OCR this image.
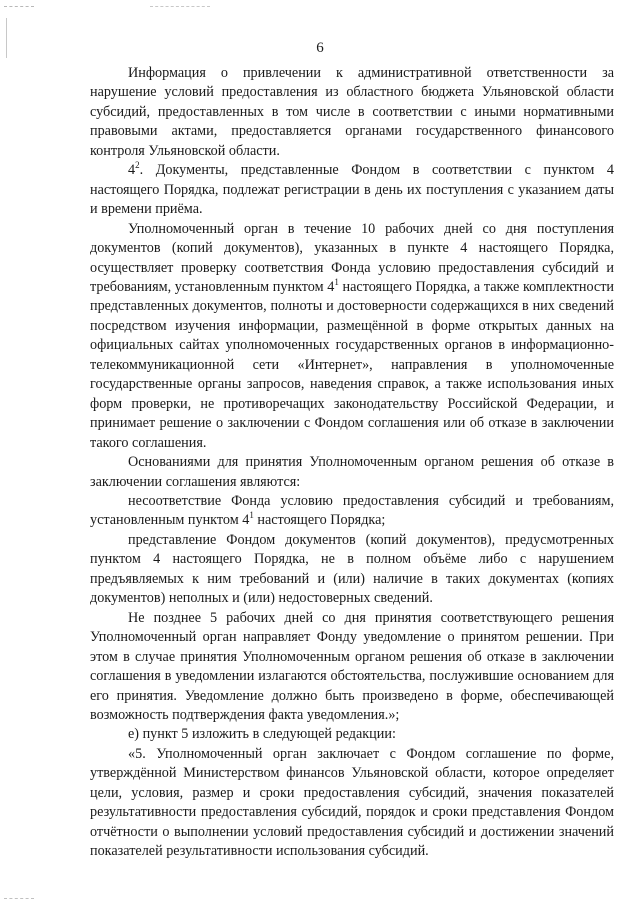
6

Информация о привлечении к административной ответственности за нарушение условий предоставления из областного бюджета Ульяновской области субсидий, предоставленных в том числе в соответствии с иными нормативными правовыми актами, предоставляется органами государственного финансового контроля Ульяновской области.

$4^2$. Документы, представленные Фондом в соответствии с пунктом 4 настоящего Порядка, подлежат регистрации в день их поступления с указанием даты и времени приёма.

Уполномоченный орган в течение 10 рабочих дней со дня поступления документов (копий документов), указанных в пункте 4 настоящего Порядка, осуществляет проверку соответствия Фонда условию предоставления субсидий и требованиям, установленным пунктом $4^1$ настоящего Порядка, а также комплектности представленных документов, полноты и достоверности содержащихся в них сведений посредством изучения информации, размещённой в форме открытых данных на официальных сайтах уполномоченных государственных органов в информационно-телекоммуникационной сети «Интернет», направления в уполномоченные государственные органы запросов, наведения справок, а также использования иных форм проверки, не противоречащих законодательству Российской Федерации, и принимает решение о заключении с Фондом соглашения или об отказе в заключении такого соглашения.

Основаниями для принятия Уполномоченным органом решения об отказе в заключении соглашения являются:

несоответствие Фонда условию предоставления субсидий и требованиям, установленным пунктом $4^1$ настоящего Порядка;

представление Фондом документов (копий документов), предусмотренных пунктом 4 настоящего Порядка, не в полном объёме либо с нарушением предъявляемых к ним требований и (или) наличие в таких документах (копиях документов) неполных и (или) недостоверных сведений.

Не позднее 5 рабочих дней со дня принятия соответствующего решения Уполномоченный орган направляет Фонду уведомление о принятом решении. При этом в случае принятия Уполномоченным органом решения об отказе в заключении соглашения в уведомлении излагаются обстоятельства, послужившие основанием для его принятия. Уведомление должно быть произведено в форме, обеспечивающей возможность подтверждения факта уведомления.»;

е) пункт 5 изложить в следующей редакции:

«5. Уполномоченный орган заключает с Фондом соглашение по форме, утверждённой Министерством финансов Ульяновской области, которое определяет цели, условия, размер и сроки предоставления субсидий, значения показателей результативности предоставления субсидий, порядок и сроки представления Фондом отчётности о выполнении условий предоставления субсидий и достижении значений показателей результативности использования субсидий.
